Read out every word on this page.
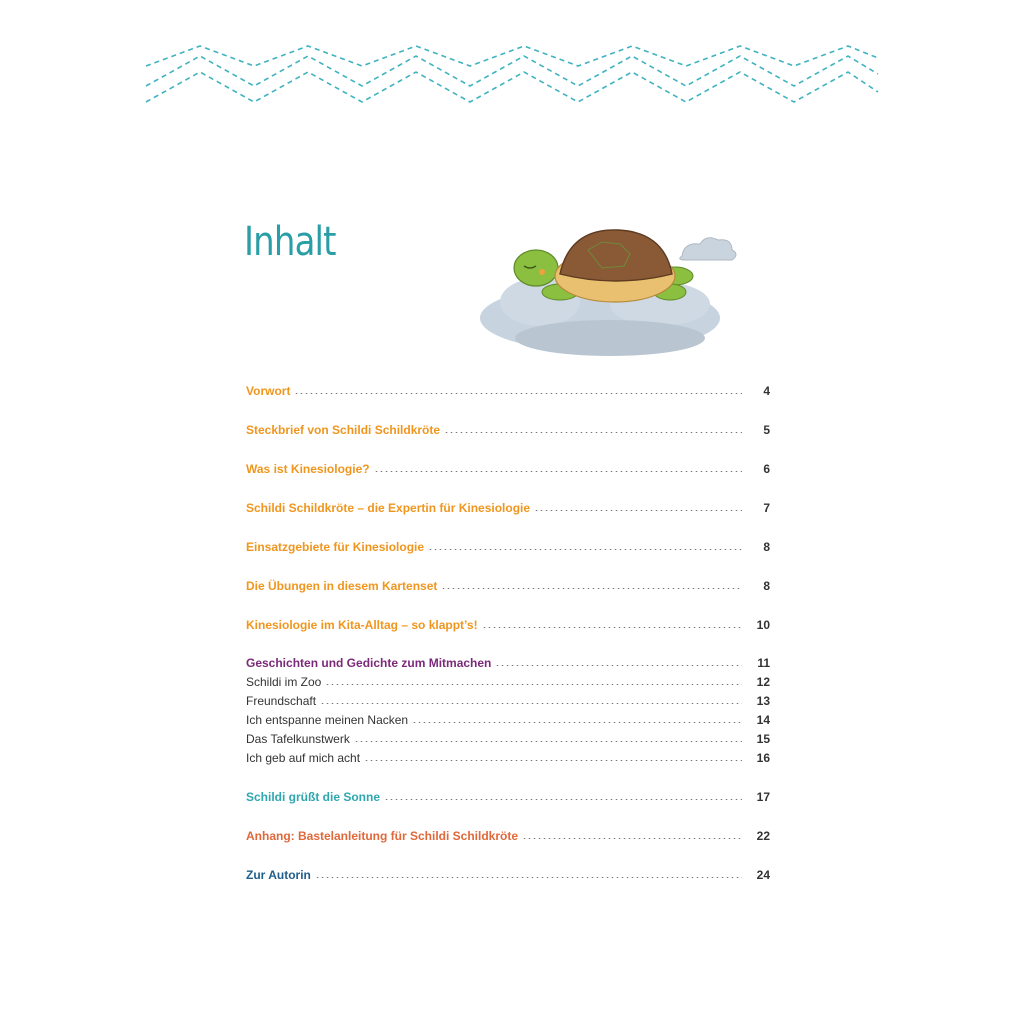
Inhalt
Vorwort	4
Steckbrief von Schildi Schildkröte	5
Was ist Kinesiologie?	6
Schildi Schildkröte – die Expertin für Kinesiologie	7
Einsatzgebiete für Kinesiologie	8
Die Übungen in diesem Kartenset	8
Kinesiologie im Kita-Alltag – so klappt’s!	10
Geschichten und Gedichte zum Mitmachen	11
Schildi im Zoo	12
Freundschaft	13
Ich entspanne meinen Nacken	14
Das Tafelkunstwerk	15
Ich geb auf mich acht	16
Schildi grüßt die Sonne	17
Anhang: Bastelanleitung für Schildi Schildkröte	22
Zur Autorin	24
